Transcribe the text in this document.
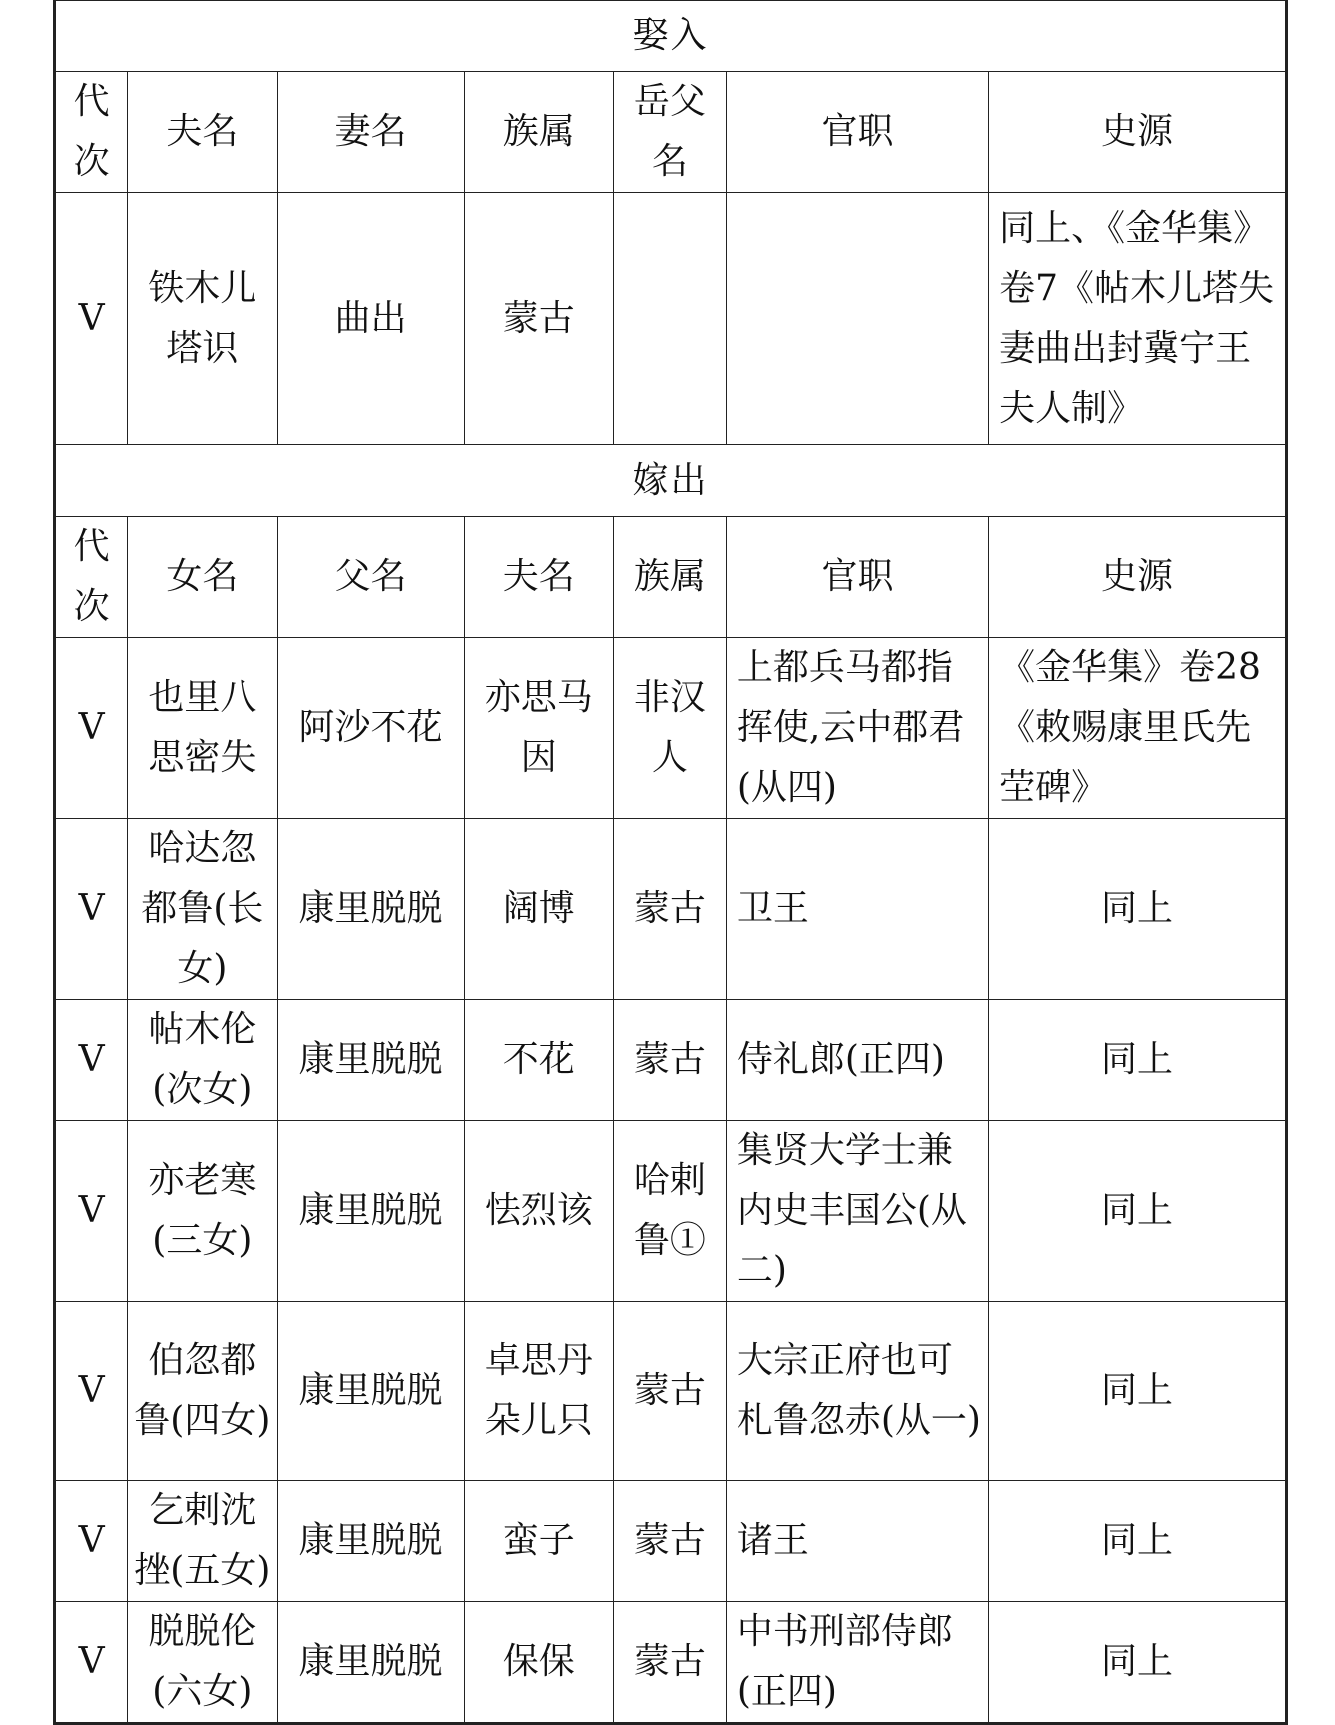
娶入						
代次	夫名	妻名	族属	岳父名	官职	史源
V	铁木儿塔识	曲出	蒙古			同上、《金华集》卷7《帖木儿塔失妻曲出封冀宁王夫人制》
嫁出						
代次	女名	父名	夫名	族属	官职	史源
V	也里八思密失	阿沙不花	亦思马因	非汉人	上都兵马都指挥使,云中郡君(从四)	《金华集》卷28《敕赐康里氏先茔碑》
V	哈达忽都鲁(长女)	康里脱脱	阔博	蒙古	卫王	同上
V	帖木伦(次女)	康里脱脱	不花	蒙古	侍礼郎(正四)	同上
V	亦老寒(三女)	康里脱脱	怯烈该	哈剌鲁①	集贤大学士兼内史丰国公(从二)	同上
V	伯忽都鲁(四女)	康里脱脱	卓思丹朵儿只	蒙古	大宗正府也可札鲁忽赤(从一)	同上
V	乞剌沈挫(五女)	康里脱脱	蛮子	蒙古	诸王	同上
V	脱脱伦(六女)	康里脱脱	保保	蒙古	中书刑部侍郎(正四)	同上
